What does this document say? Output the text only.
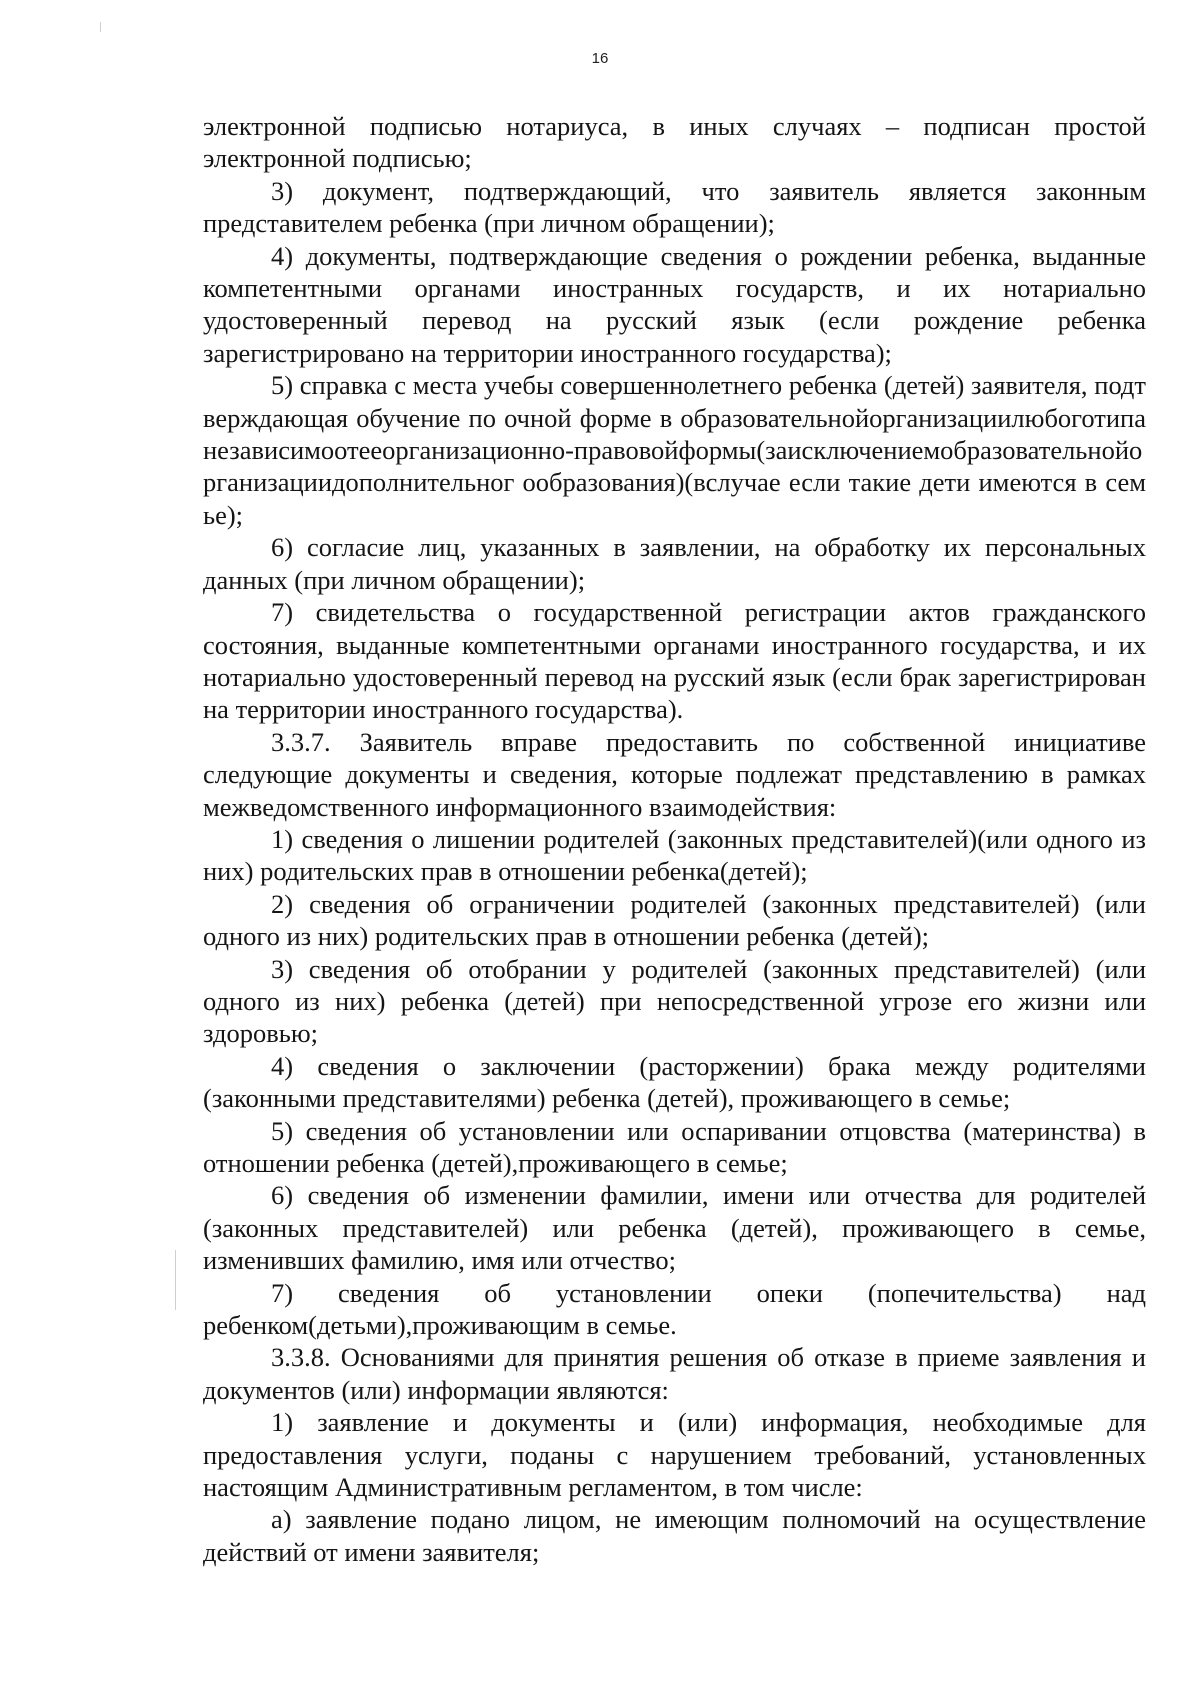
16

электронной подписью нотариуса, в иных случаях – подписан простой электронной подписью;

3) документ, подтверждающий, что заявитель является законным представителем ребенка (при личном обращении);

4) документы, подтверждающие сведения о рождении ребенка, выданные компетентными органами иностранных государств, и их нотариально удостоверенный перевод на русский язык (если рождение ребенка зарегистрировано на территории иностранного государства);

5) справка с места учебы совершеннолетнего ребенка (детей) заявителя, подтверждающая обучение по очной форме в образовательнойорганизациилюбоготипанезависимоотееорганизационно-правовойформы(заисключениемобразовательнойорганизациидополнительног ообразования)(вслучае если такие дети имеются в семье);

6) согласие лиц, указанных в заявлении, на обработку их персональных данных (при личном обращении);

7) свидетельства о государственной регистрации актов гражданского состояния, выданные компетентными органами иностранного государства, и их нотариально удостоверенный перевод на русский язык (если брак зарегистрирован на территории иностранного государства).

3.3.7. Заявитель вправе предоставить по собственной инициативе следующие документы и сведения, которые подлежат представлению в рамках межведомственного информационного взаимодействия:

1) сведения о лишении родителей (законных представителей)(или одного из них) родительских прав в отношении ребенка(детей);

2) сведения об ограничении родителей (законных представителей) (или одного из них) родительских прав в отношении ребенка (детей);

3) сведения об отобрании у родителей (законных представителей) (или одного из них) ребенка (детей) при непосредственной угрозе его жизни или здоровью;

4) сведения о заключении (расторжении) брака между родителями (законными представителями) ребенка (детей), проживающего в семье;

5) сведения об установлении или оспаривании отцовства (материнства) в отношении ребенка (детей),проживающего в семье;

6) сведения об изменении фамилии, имени или отчества для родителей (законных представителей) или ребенка (детей), проживающего в семье, изменивших фамилию, имя или отчество;

7) сведения об установлении опеки (попечительства) над ребенком(детьми),проживающим в семье.

3.3.8. Основаниями для принятия решения об отказе в приеме заявления и документов (или) информации являются:

1) заявление и документы и (или) информация, необходимые для предоставления услуги, поданы с нарушением требований, установленных настоящим Административным регламентом, в том числе:

а) заявление подано лицом, не имеющим полномочий на осуществление действий от имени заявителя;
